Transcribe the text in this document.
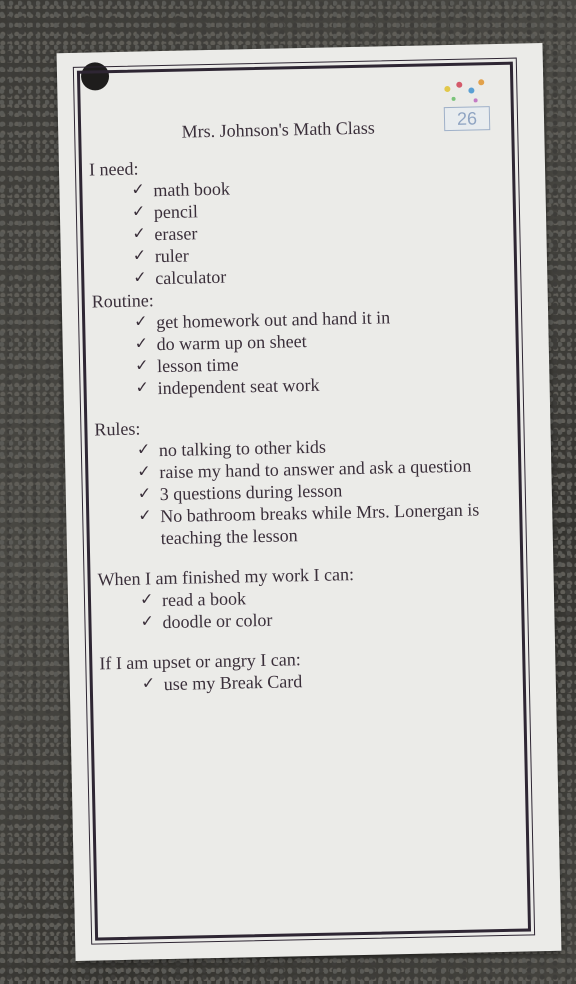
26
Mrs. Johnson's Math Class

I need:

✓ math book
✓ pencil
✓ eraser
✓ ruler
✓ calculator

Routine:

✓ get homework out and hand it in
✓ do warm up on sheet
✓ lesson time
✓ independent seat work

Rules:

✓ no talking to other kids
✓ raise my hand to answer and ask a question
✓ 3 questions during lesson
✓ No bathroom breaks while Mrs. Lonergan is teaching the lesson

When I am finished my work I can:

✓ read a book
✓ doodle or color

If I am upset or angry I can:

✓ use my Break Card
